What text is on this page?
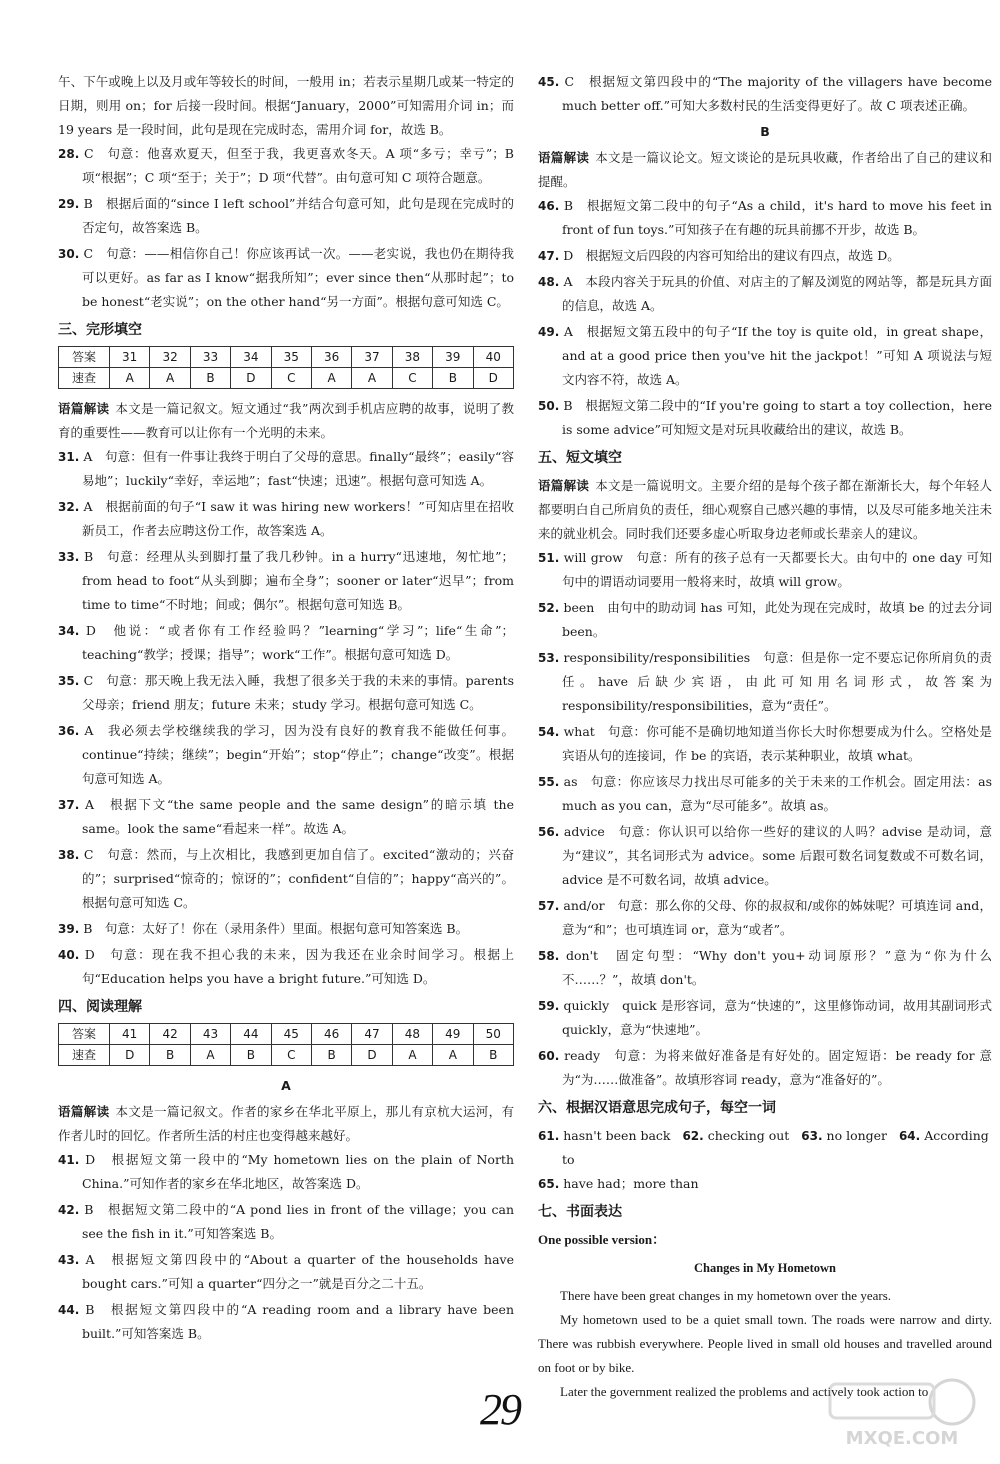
午、下午或晚上以及月或年等较长的时间，一般用 in；若表示星期几或某一特定的日期，则用 on；for 后接一段时间。根据“January，2000”可知需用介词 in；而 19 years 是一段时间，此句是现在完成时态，需用介词 for，故选 B。

28. C　句意：他喜欢夏天，但至于我，我更喜欢冬天。A 项“多亏；幸亏”；B 项“根据”；C 项“至于；关于”；D 项“代替”。由句意可知 C 项符合题意。

29. B　根据后面的“since I left school”并结合句意可知，此句是现在完成时的否定句，故答案选 B。

30. C　句意：——相信你自己！你应该再试一次。——老实说，我也仍在期待我可以更好。as far as I know“据我所知”；ever since then“从那时起”；to be honest“老实说”；on the other hand“另一方面”。根据句意可知选 C。

三、完形填空
答案	31	32	33	34	35	36	37	38	39	40
速查	A	A	B	D	C	A	A	C	B	D

语篇解读 本文是一篇记叙文。短文通过“我”两次到手机店应聘的故事，说明了教育的重要性——教育可以让你有一个光明的未来。

31. A　句意：但有一件事让我终于明白了父母的意思。finally“最终”；easily“容易地”；luckily“幸好，幸运地”；fast“快速；迅速”。根据句意可知选 A。

32. A　根据前面的句子“I saw it was hiring new workers！”可知店里在招收新员工，作者去应聘这份工作，故答案选 A。

33. B　句意：经理从头到脚打量了我几秒钟。in a hurry“迅速地，匆忙地”；from head to foot“从头到脚；遍布全身”；sooner or later“迟早”；from time to time“不时地；间或；偶尔”。根据句意可知选 B。

34. D　他说：“或者你有工作经验吗？”learning“学习”；life“生命”；teaching“教学；授课；指导”；work“工作”。根据句意可知选 D。

35. C　句意：那天晚上我无法入睡，我想了很多关于我的未来的事情。parents 父母亲；friend 朋友；future 未来；study 学习。根据句意可知选 C。

36. A　我必须去学校继续我的学习，因为没有良好的教育我不能做任何事。continue“持续；继续”；begin“开始”；stop“停止”；change“改变”。根据句意可知选 A。

37. A　根据下文“the same people and the same design”的暗示填 the same。look the same“看起来一样”。故选 A。

38. C　句意：然而，与上次相比，我感到更加自信了。excited“激动的；兴奋的”；surprised“惊奇的；惊讶的”；confident“自信的”；happy“高兴的”。根据句意可知选 C。

39. B　句意：太好了！你在（录用条件）里面。根据句意可知答案选 B。

40. D　句意：现在我不担心我的未来，因为我还在业余时间学习。根据上句“Education helps you have a bright future.”可知选 D。

四、阅读理解
答案	41	42	43	44	45	46	47	48	49	50
速查	D	B	A	B	C	B	D	A	A	B
A

语篇解读 本文是一篇记叙文。作者的家乡在华北平原上，那儿有京杭大运河，有作者儿时的回忆。作者所生活的村庄也变得越来越好。

41. D　根据短文第一段中的“My hometown lies on the plain of North China.”可知作者的家乡在华北地区，故答案选 D。

42. B　根据短文第二段中的“A pond lies in front of the village；you can see the fish in it.”可知答案选 B。

43. A　根据短文第四段中的“About a quarter of the households have bought cars.”可知 a quarter“四分之一”就是百分之二十五。

44. B　根据短文第四段中的“A reading room and a library have been built.”可知答案选 B。

45. C　根据短文第四段中的“The majority of the villagers have become much better off.”可知大多数村民的生活变得更好了。故 C 项表述正确。

B

语篇解读 本文是一篇议论文。短文谈论的是玩具收藏，作者给出了自己的建议和提醒。

46. B　根据短文第二段中的句子“As a child，it's hard to move his feet in front of fun toys.”可知孩子在有趣的玩具前挪不开步，故选 B。

47. D　根据短文后四段的内容可知给出的建议有四点，故选 D。

48. A　本段内容关于玩具的价值、对店主的了解及浏览的网站等，都是玩具方面的信息，故选 A。

49. A　根据短文第五段中的句子“If the toy is quite old，in great shape，and at a good price then you've hit the jackpot！”可知 A 项说法与短文内容不符，故选 A。

50. B　根据短文第二段中的“If you're going to start a toy collection，here is some advice”可知短文是对玩具收藏给出的建议，故选 B。

五、短文填空

语篇解读 本文是一篇说明文。主要介绍的是每个孩子都在渐渐长大，每个年轻人都要明白自己所肩负的责任，细心观察自己感兴趣的事情，以及尽可能多地关注未来的就业机会。同时我们还要多虚心听取身边老师或长辈亲人的建议。

51. will grow　句意：所有的孩子总有一天都要长大。由句中的 one day 可知句中的谓语动词要用一般将来时，故填 will grow。

52. been　由句中的助动词 has 可知，此处为现在完成时，故填 be 的过去分词 been。

53. responsibility/responsibilities　句意：但是你一定不要忘记你所肩负的责任。have 后缺少宾语，由此可知用名词形式，故答案为 responsibility/responsibilities，意为“责任”。

54. what　句意：你可能不是确切地知道当你长大时你想要成为什么。空格处是宾语从句的连接词，作 be 的宾语，表示某种职业，故填 what。

55. as　句意：你应该尽力找出尽可能多的关于未来的工作机会。固定用法：as much as you can，意为“尽可能多”。故填 as。

56. advice　句意：你认识可以给你一些好的建议的人吗？advise 是动词，意为“建议”，其名词形式为 advice。some 后跟可数名词复数或不可数名词，advice 是不可数名词，故填 advice。

57. and/or　句意：那么你的父母、你的叔叔和/或你的姊妹呢？可填连词 and，意为“和”；也可填连词 or，意为“或者”。

58. don't　固定句型：“Why don't you+动词原形？”意为“你为什么不……？”，故填 don't。

59. quickly　quick 是形容词，意为“快速的”，这里修饰动词，故用其副词形式 quickly，意为“快速地”。

60. ready　句意：为将来做好准备是有好处的。固定短语：be ready for 意为“为……做准备”。故填形容词 ready，意为“准备好的”。

六、根据汉语意思完成句子，每空一词

61. hasn't been back 62. checking out 63. no longer 64. According to

65. have had；more than

七、书面表达
One possible version：
Changes in My Hometown

There have been great changes in my hometown over the years.

My hometown used to be a quiet small town. The roads were narrow and dirty. There was rubbish everywhere. People lived in small old houses and travelled around on foot or by bike.

Later the government realized the problems and actively took action to

29
MXQE.COM
